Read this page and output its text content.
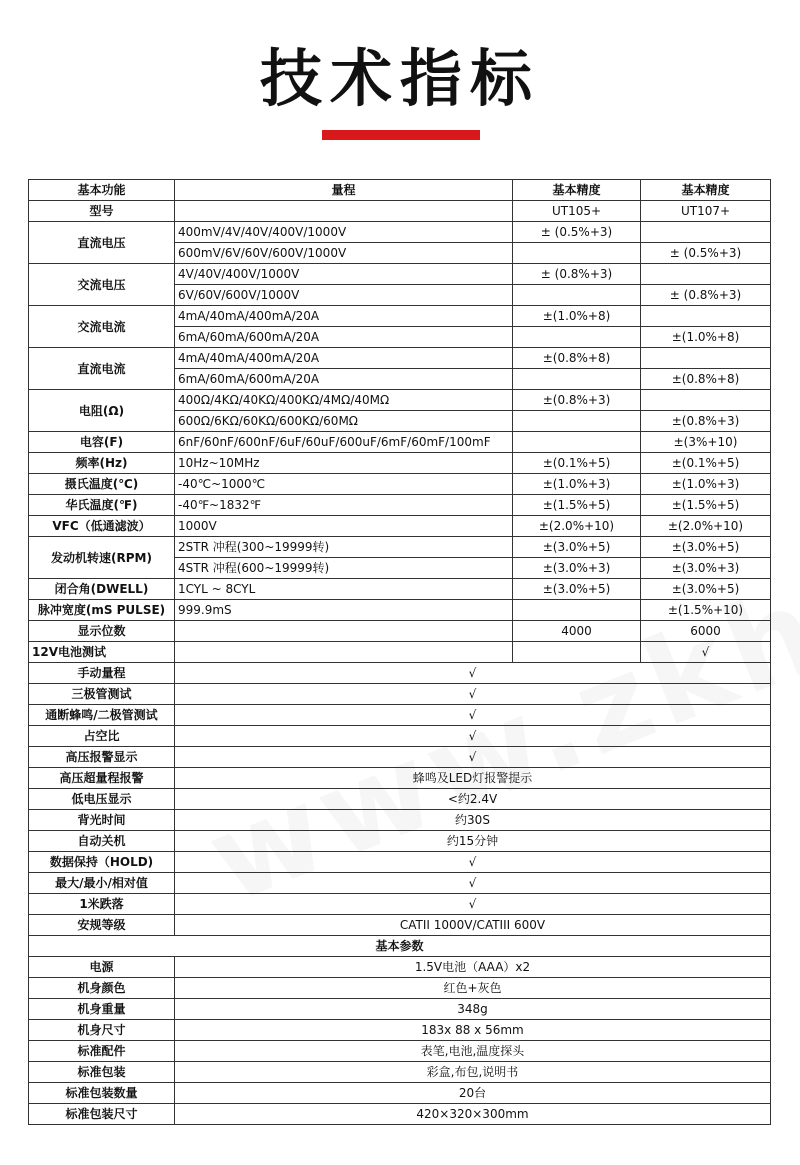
技术指标
基本功能	量程	基本精度	基本精度
型号		UT105+	UT107+
直流电压	400mV/4V/40V/400V/1000V	± (0.5%+3)	
	600mV/6V/60V/600V/1000V		± (0.5%+3)
交流电压	4V/40V/400V/1000V	± (0.8%+3)	
	6V/60V/600V/1000V		± (0.8%+3)
交流电流	4mA/40mA/400mA/20A	±(1.0%+8)	
	6mA/60mA/600mA/20A		±(1.0%+8)
直流电流	4mA/40mA/400mA/20A	±(0.8%+8)	
	6mA/60mA/600mA/20A		±(0.8%+8)
电阻(Ω)	400Ω/4KΩ/40KΩ/400KΩ/4MΩ/40MΩ	±(0.8%+3)	
	600Ω/6KΩ/60KΩ/600KΩ/60MΩ		±(0.8%+3)
电容(F)	6nF/60nF/600nF/6uF/60uF/600uF/6mF/60mF/100mF		±(3%+10)
频率(Hz)	10Hz~10MHz	±(0.1%+5)	±(0.1%+5)
摄氏温度(℃)	-40℃~1000℃	±(1.0%+3)	±(1.0%+3)
华氏温度(℉)	-40℉~1832℉	±(1.5%+5)	±(1.5%+5)
VFC（低通滤波）	1000V	±(2.0%+10)	±(2.0%+10)
发动机转速(RPM)	2STR 冲程(300~19999转)	±(3.0%+5)	±(3.0%+5)
	4STR 冲程(600~19999转)	±(3.0%+3)	±(3.0%+3)
闭合角(DWELL)	1CYL ~ 8CYL	±(3.0%+5)	±(3.0%+5)
脉冲宽度(mS PULSE)	999.9mS		±(1.5%+10)
显示位数		4000	6000
12V电池测试			√
手动量程	√		
三极管测试	√		
通断蜂鸣/二极管测试	√		
占空比	√		
高压报警显示	√		
高压超量程报警	蜂鸣及LED灯报警提示		
低电压显示	<约2.4V		
背光时间	约30S		
自动关机	约15分钟		
数据保持（HOLD)	√		
最大/最小/相对值	√		
1米跌落	√		
安规等级	CATII 1000V/CATIII 600V		
基本参数			
电源	1.5V电池（AAA）x2		
机身颜色	红色+灰色		
机身重量	348g		
机身尺寸	183x 88 x 56mm		
标准配件	表笔,电池,温度探头		
标准包装	彩盒,布包,说明书		
标准包装数量	20台		
标准包装尺寸	420×320×300mm		
